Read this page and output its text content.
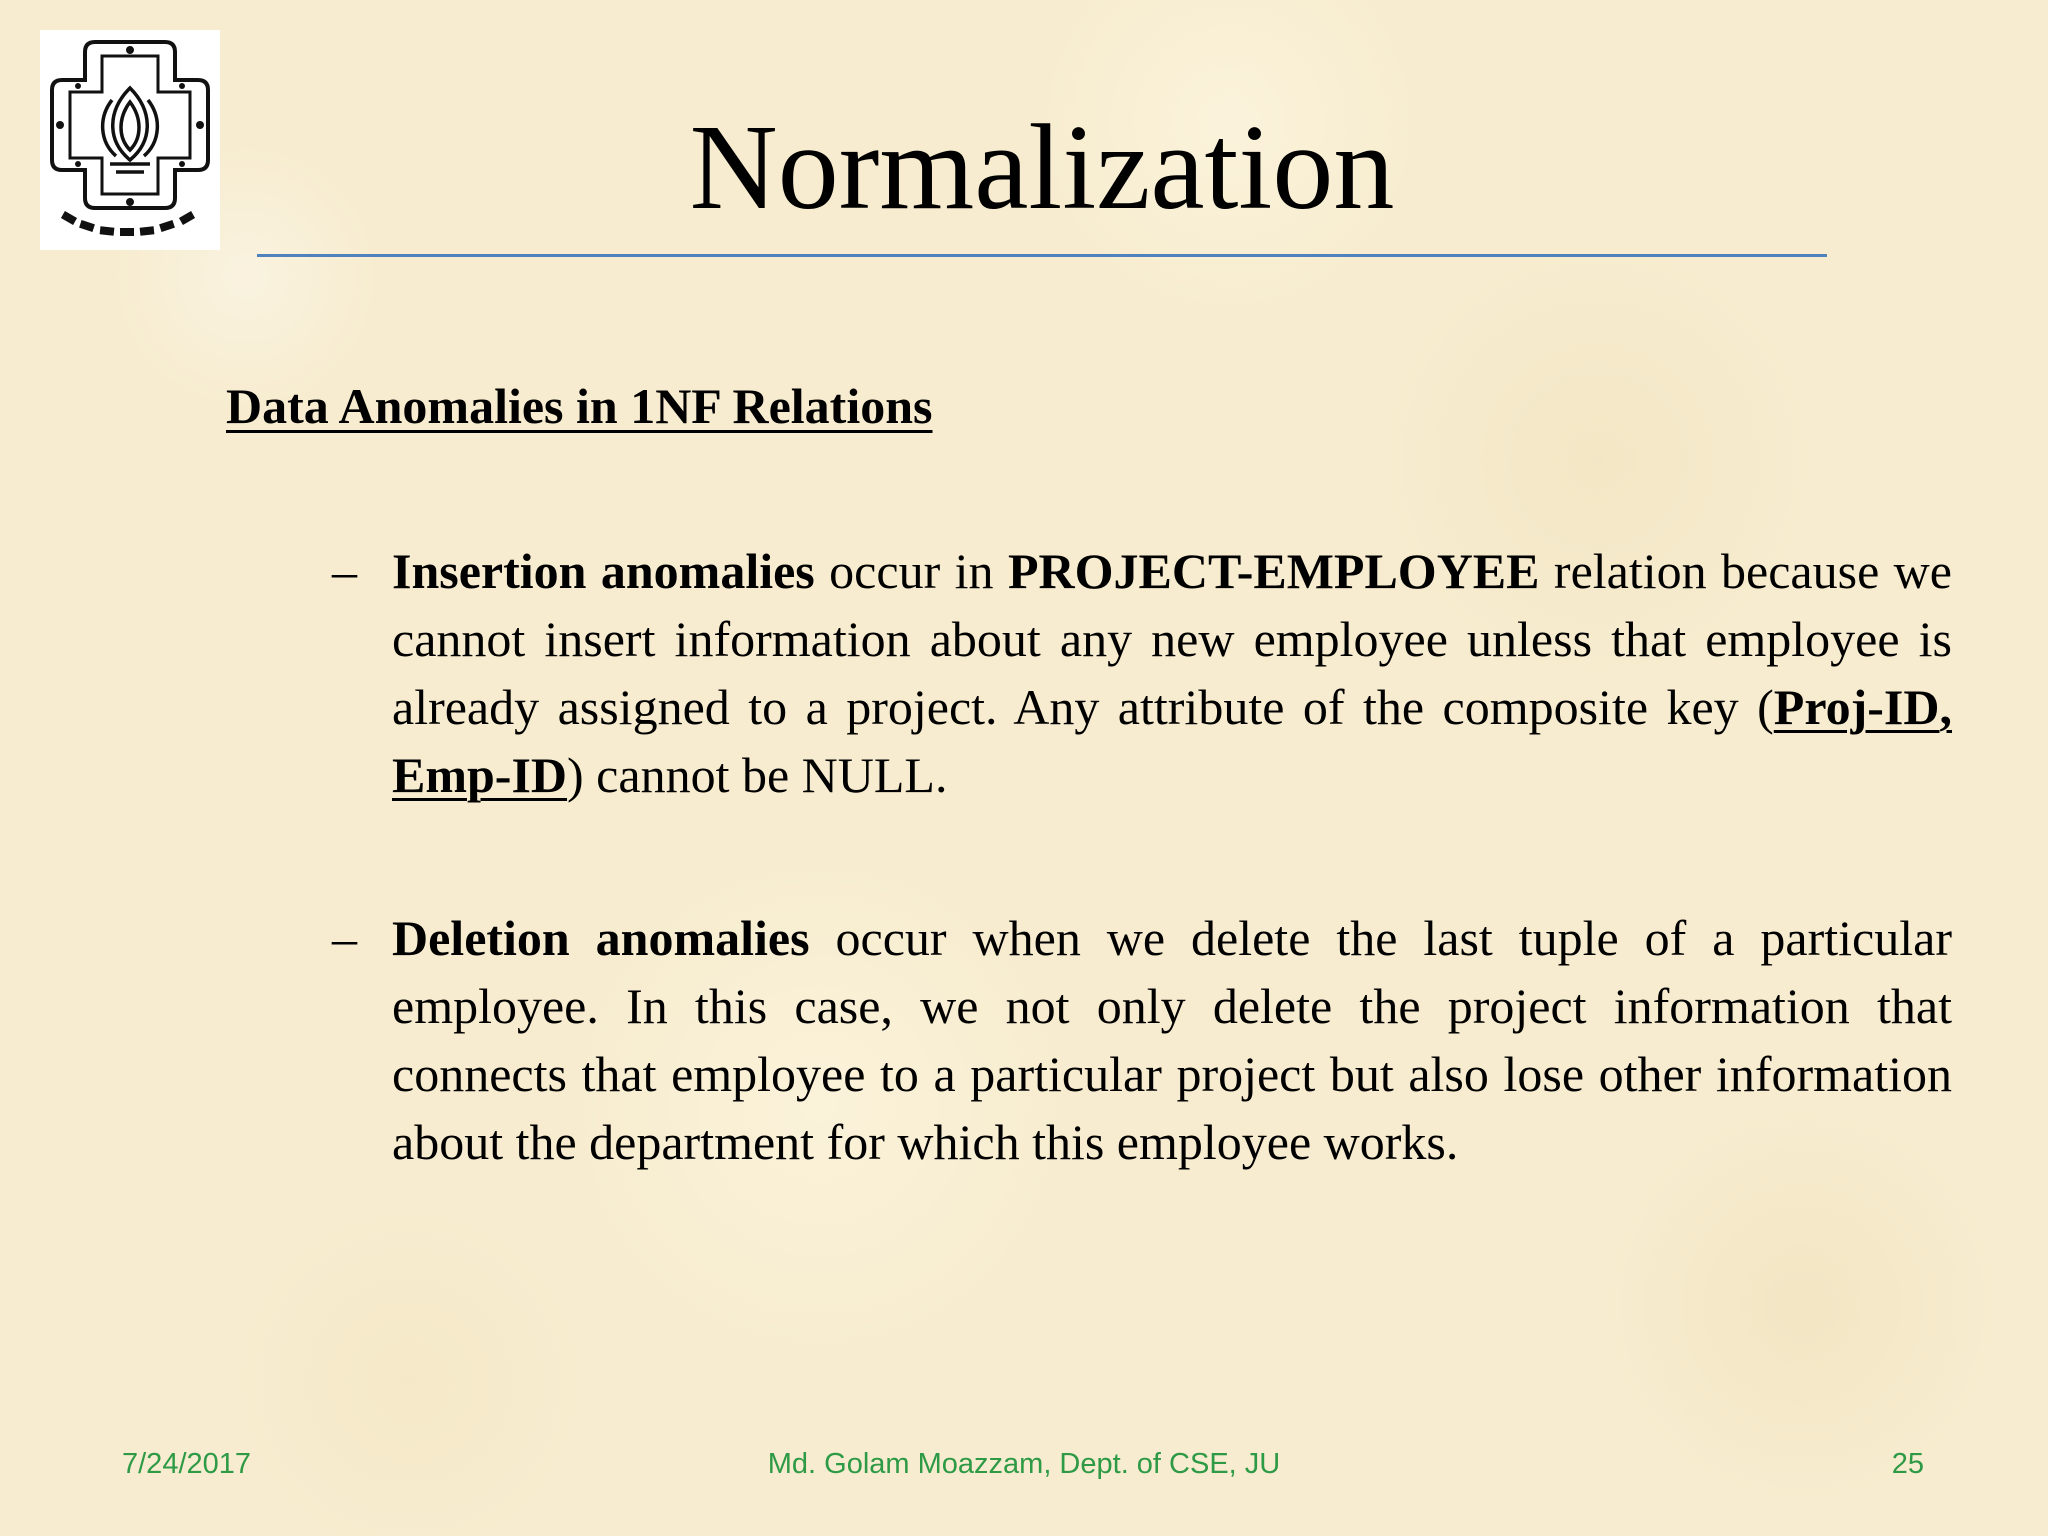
Normalization
Data Anomalies in 1NF Relations
– Insertion anomalies occur in PROJECT-EMPLOYEE relation because we cannot insert information about any new employee unless that employee is already assigned to a project. Any attribute of the composite key (Proj-ID, Emp-ID) cannot be NULL.
– Deletion anomalies occur when we delete the last tuple of a particular employee. In this case, we not only delete the project information that connects that employee to a particular project but also lose other information about the department for which this employee works.
7/24/2017	Md. Golam Moazzam, Dept. of CSE, JU	25
